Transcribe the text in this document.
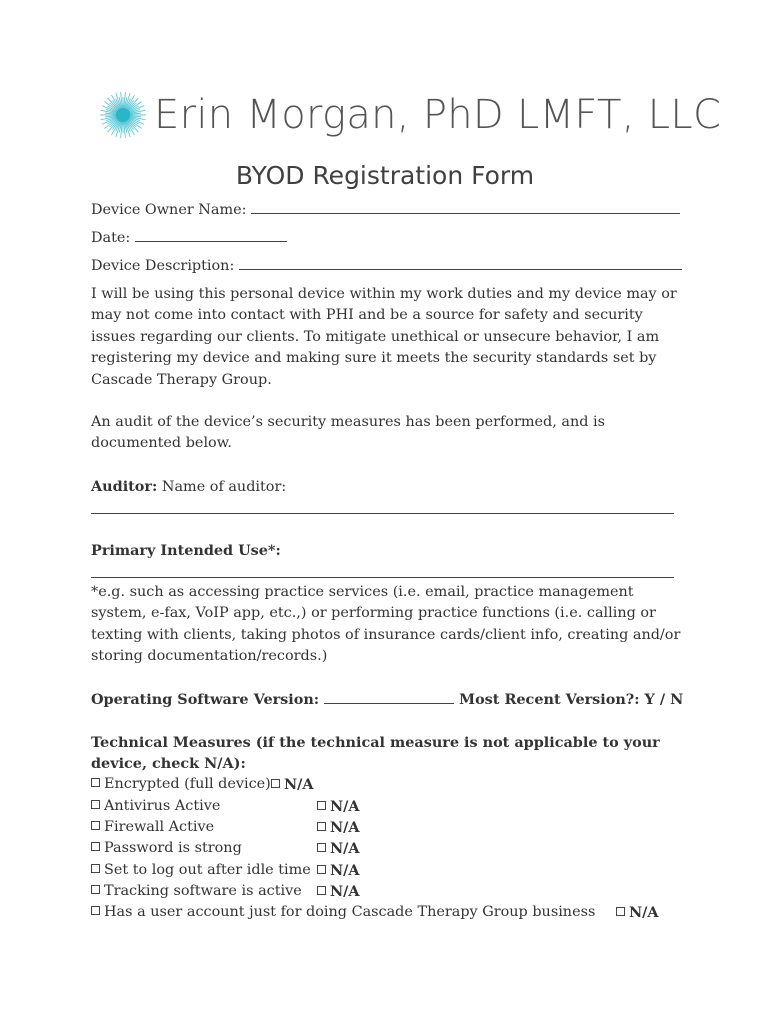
Erin Morgan, PhD LMFT, LLC
BYOD Registration Form
Device Owner Name:
Date:
Device Description:
I will be using this personal device within my work duties and my device may or may not come into contact with PHI and be a source for safety and security issues regarding our clients. To mitigate unethical or unsecure behavior, I am registering my device and making sure it meets the security standards set by Cascade Therapy Group.
An audit of the device’s security measures has been performed, and is documented below.
Auditor: Name of auditor:
Primary Intended Use*:
*e.g. such as accessing practice services (i.e. email, practice management system, e-fax, VoIP app, etc.,) or performing practice functions (i.e. calling or texting with clients, taking photos of insurance cards/client info, creating and/or storing documentation/records.)
Operating Software Version:	Most Recent Version?: Y / N
Technical Measures (if the technical measure is not applicable to your device, check N/A):
Encrypted (full device) N/A
Antivirus Active	N/A
Firewall Active	N/A
Password is strong	N/A
Set to log out after idle time	N/A
Tracking software is active	N/A
Has a user account just for doing Cascade Therapy Group business	N/A
